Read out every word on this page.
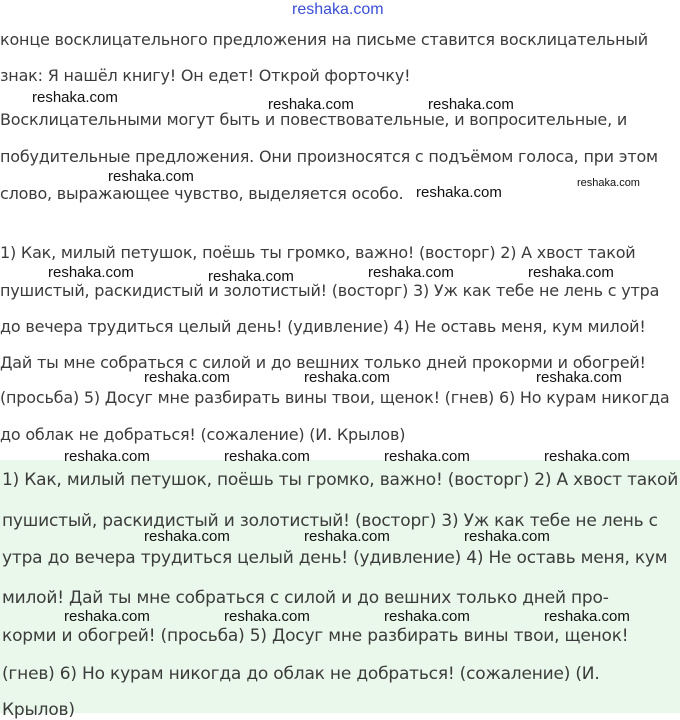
reshaka.com
конце восклицательного предложения на письме ставится восклицательный
знак: Я нашёл книгу! Он едет! Открой форточку!
Восклицательными могут быть и повествовательные, и вопросительные, и
побудительные предложения. Они произносятся с подъёмом голоса, при этом
слово, выражающее чувство, выделяется особо.
1) Как, милый петушок, поёшь ты громко, важно! (восторг) 2) А хвост такой
пушистый, раскидистый и золотистый! (восторг) 3) Уж как тебе не лень с утра
до вечера трудиться целый день! (удивление) 4) Не оставь меня, кум милой!
Дай ты мне собраться с силой и до вешних только дней прокорми и обогрей!
(просьба) 5) Досуг мне разбирать вины твои, щенок! (гнев) 6) Но курам никогда
до облак не добраться! (сожаление) (И. Крылов)
1) Как, милый петушок, поёшь ты громко, важно! (восторг) 2) А хвост такой
пушистый, раскидистый и золотистый! (восторг) 3) Уж как тебе не лень с
утра до вечера трудиться целый день! (удивление) 4) Не оставь меня, кум
милой! Дай ты мне собраться с силой и до вешних только дней про-
корми и обогрей! (просьба) 5) Досуг мне разбирать вины твои, щенок!
(гнев) 6) Но курам никогда до облак не добраться! (сожаление) (И.
Крылов)
reshaka.com	reshaka.com	reshaka.com
reshaka.com
reshaka.com
reshaka.com
reshaka.com	reshaka.com	reshaka.com	reshaka.com
reshaka.com	reshaka.com	reshaka.com
reshaka.com	reshaka.com	reshaka.com	reshaka.com
reshaka.com	reshaka.com	reshaka.com
reshaka.com	reshaka.com	reshaka.com	reshaka.com
